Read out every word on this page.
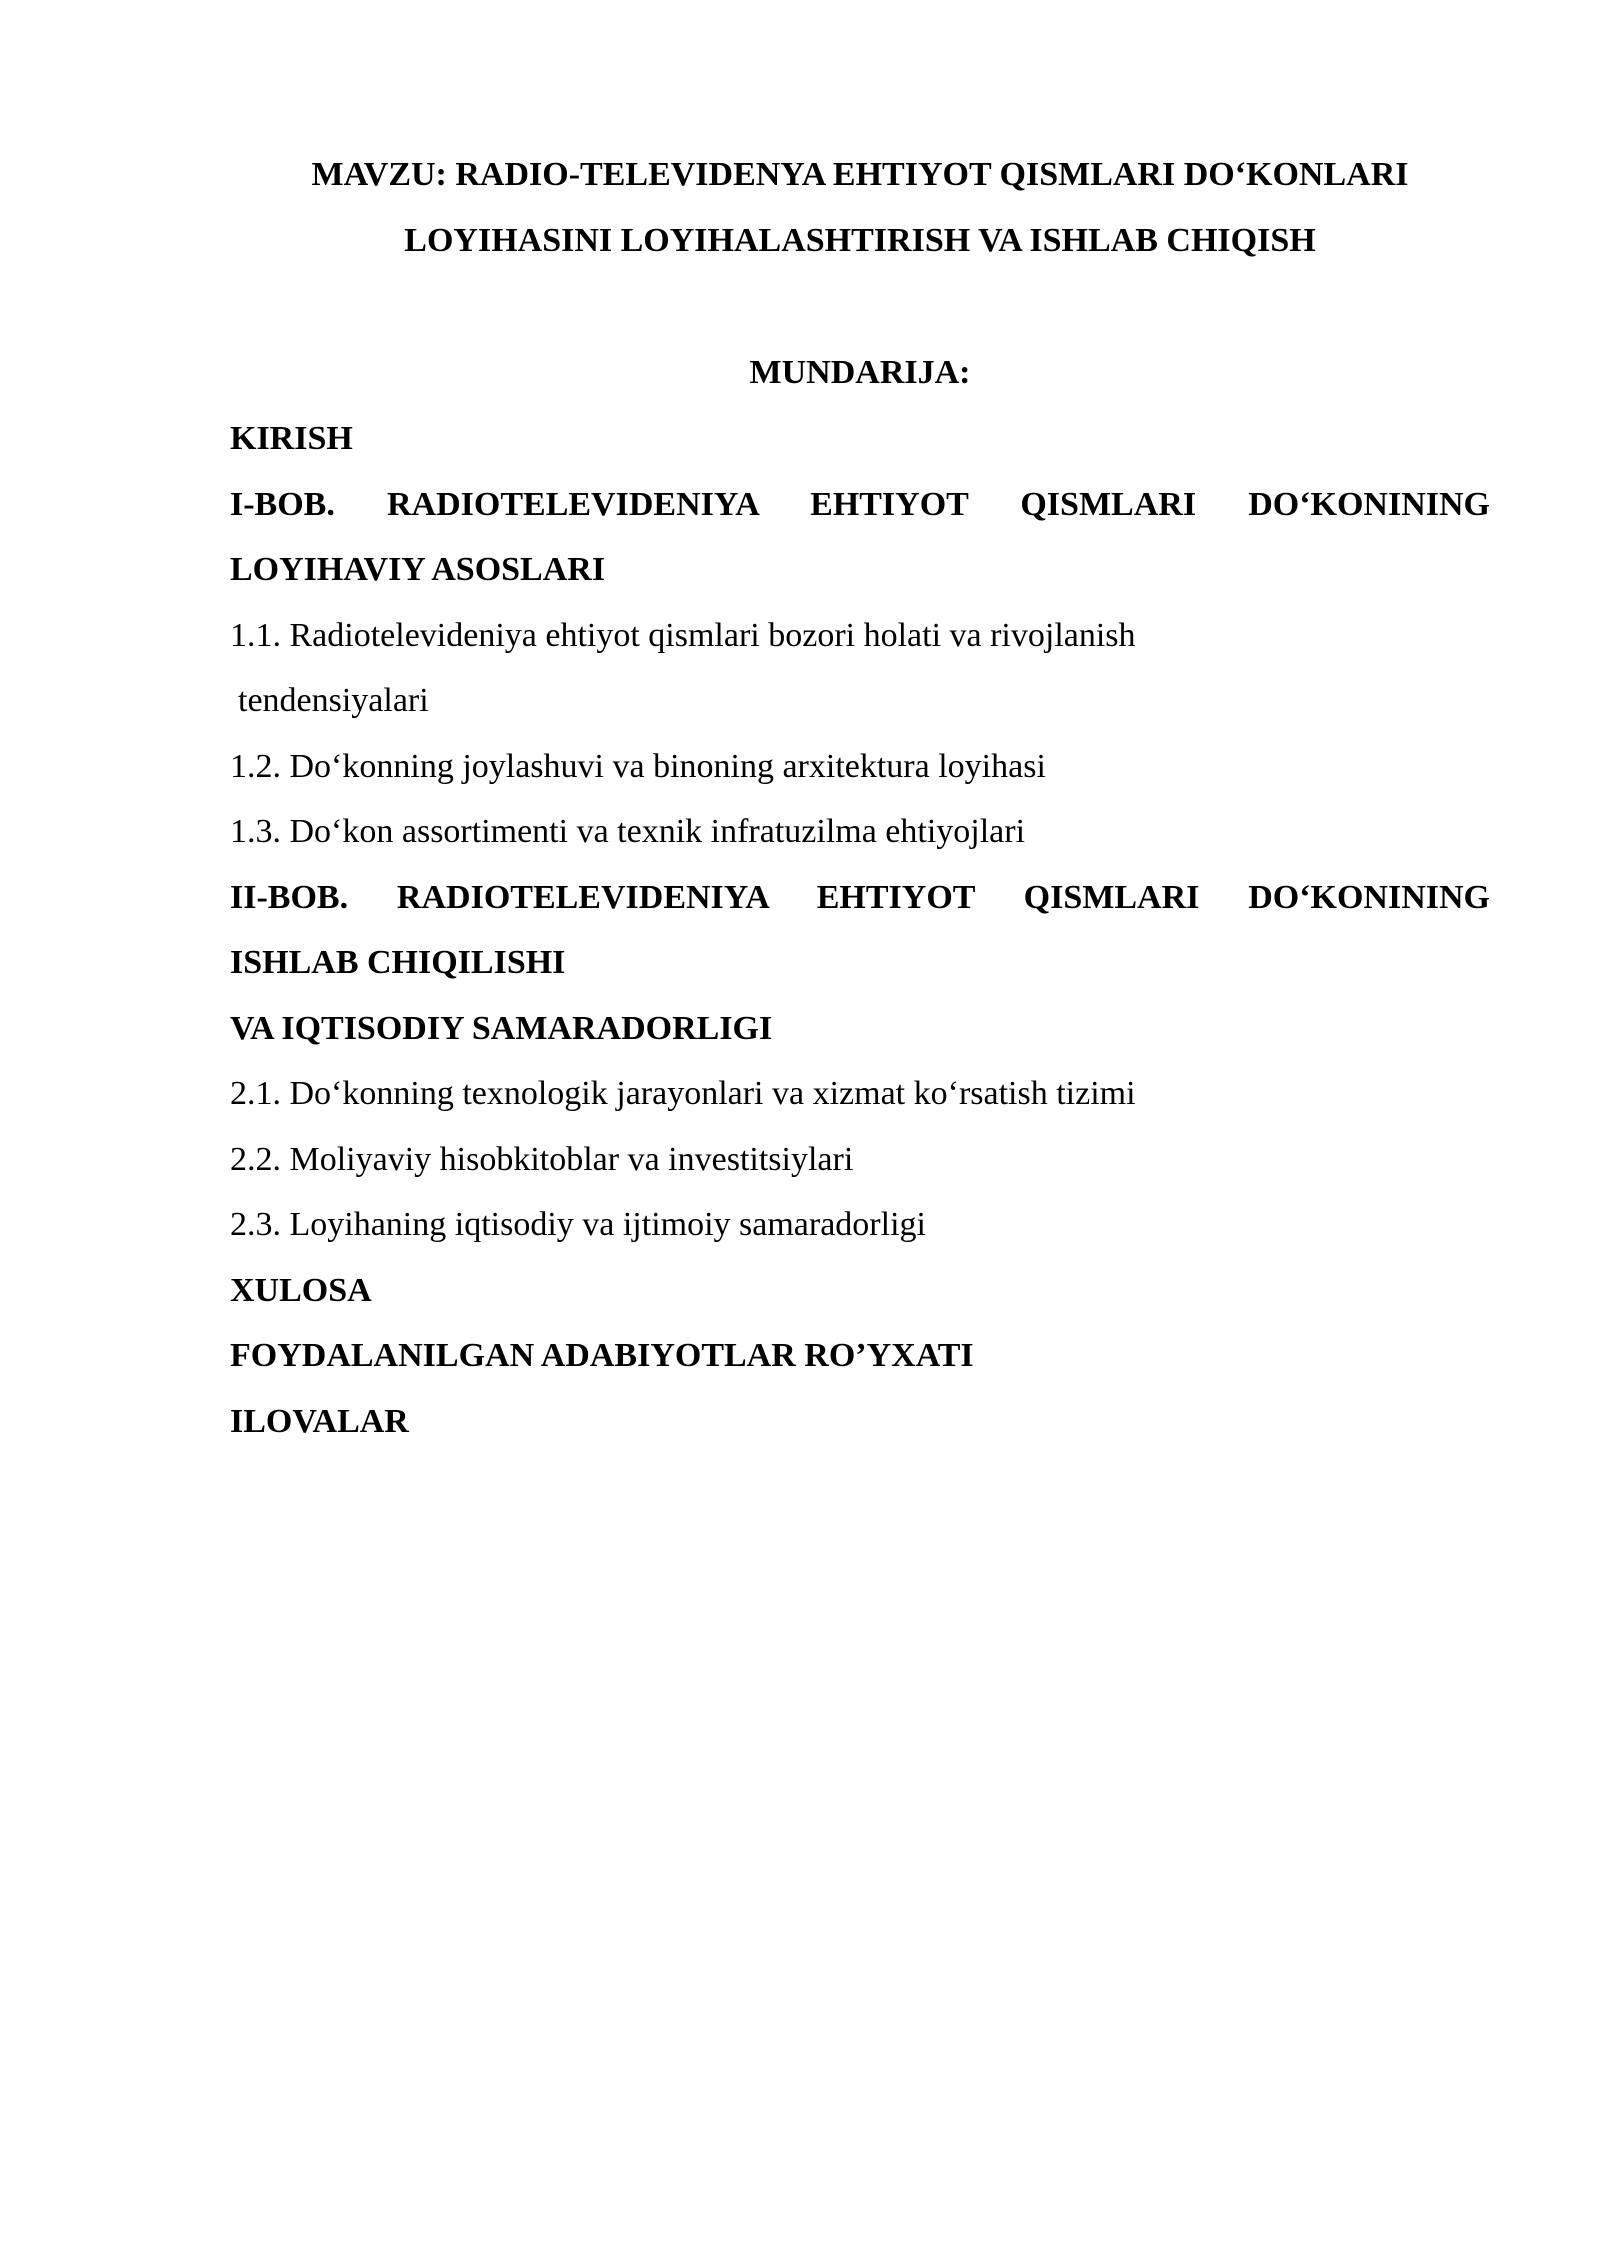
MAVZU: RADIO-TELEVIDENYA EHTIYOT QISMLARI DO‘KONLARI
LOYIHASINI LOYIHALASHTIRISH VA ISHLAB CHIQISH
MUNDARIJA:
KIRISH
I-BOB. RADIOTELEVIDENIYA EHTIYOT QISMLARI DO‘KONINING
LOYIHAVIY ASOSLARI
1.1. Radiotelevideniya ehtiyot qismlari bozori holati va rivojlanish
tendensiyalari
1.2. Do‘konning joylashuvi va binoning arxitektura loyihasi
1.3. Do‘kon assortimenti va texnik infratuzilma ehtiyojlari
II-BOB. RADIOTELEVIDENIYA EHTIYOT QISMLARI DO‘KONINING
ISHLAB CHIQILISHI
VA IQTISODIY SAMARADORLIGI
2.1. Do‘konning texnologik jarayonlari va xizmat ko‘rsatish tizimi
2.2. Moliyaviy hisobkitoblar va investitsiylari
2.3. Loyihaning iqtisodiy va ijtimoiy samaradorligi
XULOSA
FOYDALANILGAN ADABIYOTLAR RO’YXATI
ILOVALAR
